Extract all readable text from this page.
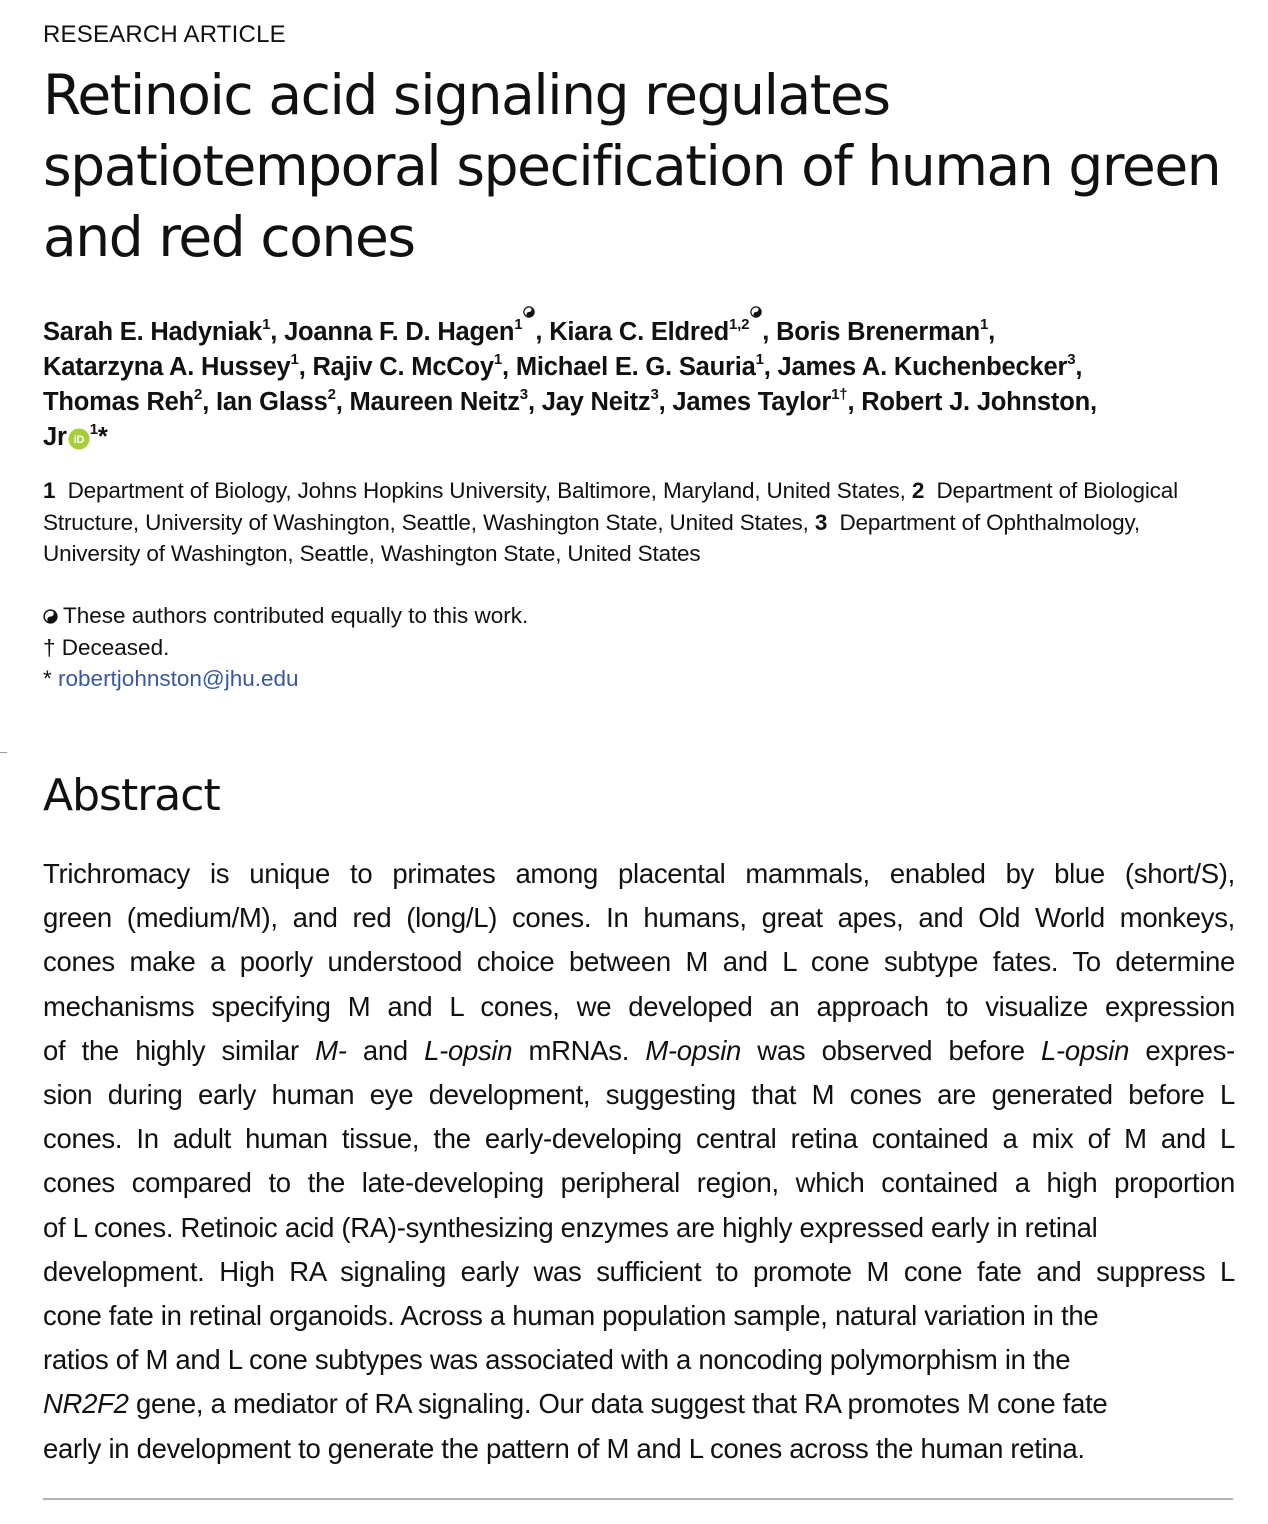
RESEARCH ARTICLE
Retinoic acid signaling regulates
spatiotemporal specification of human green
and red cones
Sarah E. Hadyniak$^1$, Joanna F. D. Hagen$^1$ , Kiara C. Eldred$^{1,2}$ , Boris Brenerman$^1$,
Katarzyna A. Hussey$^1$, Rajiv C. McCoy$^1$, Michael E. G. Sauria$^1$, James A. Kuchenbecker$^3$,
Thomas Reh$^2$, Ian Glass$^2$, Maureen Neitz$^3$, Jay Neitz$^3$, James Taylor$^{1\dagger}$, Robert J. Johnston,
Jr iD
$^1$*
1 Department of Biology, Johns Hopkins University, Baltimore, Maryland, United States, 2 Department of Biological Structure, University of Washington, Seattle, Washington State, United States, 3 Department of Ophthalmology, University of Washington, Seattle, Washington State, United States
These authors contributed equally to this work.
† Deceased.
* robertjohnston@jhu.edu
Abstract
Trichromacy is unique to primates among placental mammals, enabled by blue (short/S),
green (medium/M), and red (long/L) cones. In humans, great apes, and Old World monkeys,
cones make a poorly understood choice between M and L cone subtype fates. To determine
mechanisms specifying M and L cones, we developed an approach to visualize expression
of the highly similar M- and L-opsin mRNAs. M-opsin was observed before L-opsin expres-
sion during early human eye development, suggesting that M cones are generated before L
cones. In adult human tissue, the early-developing central retina contained a mix of M and L
cones compared to the late-developing peripheral region, which contained a high proportion
of L cones. Retinoic acid (RA)-synthesizing enzymes are highly expressed early in retinal
development. High RA signaling early was sufficient to promote M cone fate and suppress L
cone fate in retinal organoids. Across a human population sample, natural variation in the
ratios of M and L cone subtypes was associated with a noncoding polymorphism in the
NR2F2 gene, a mediator of RA signaling. Our data suggest that RA promotes M cone fate
early in development to generate the pattern of M and L cones across the human retina.
